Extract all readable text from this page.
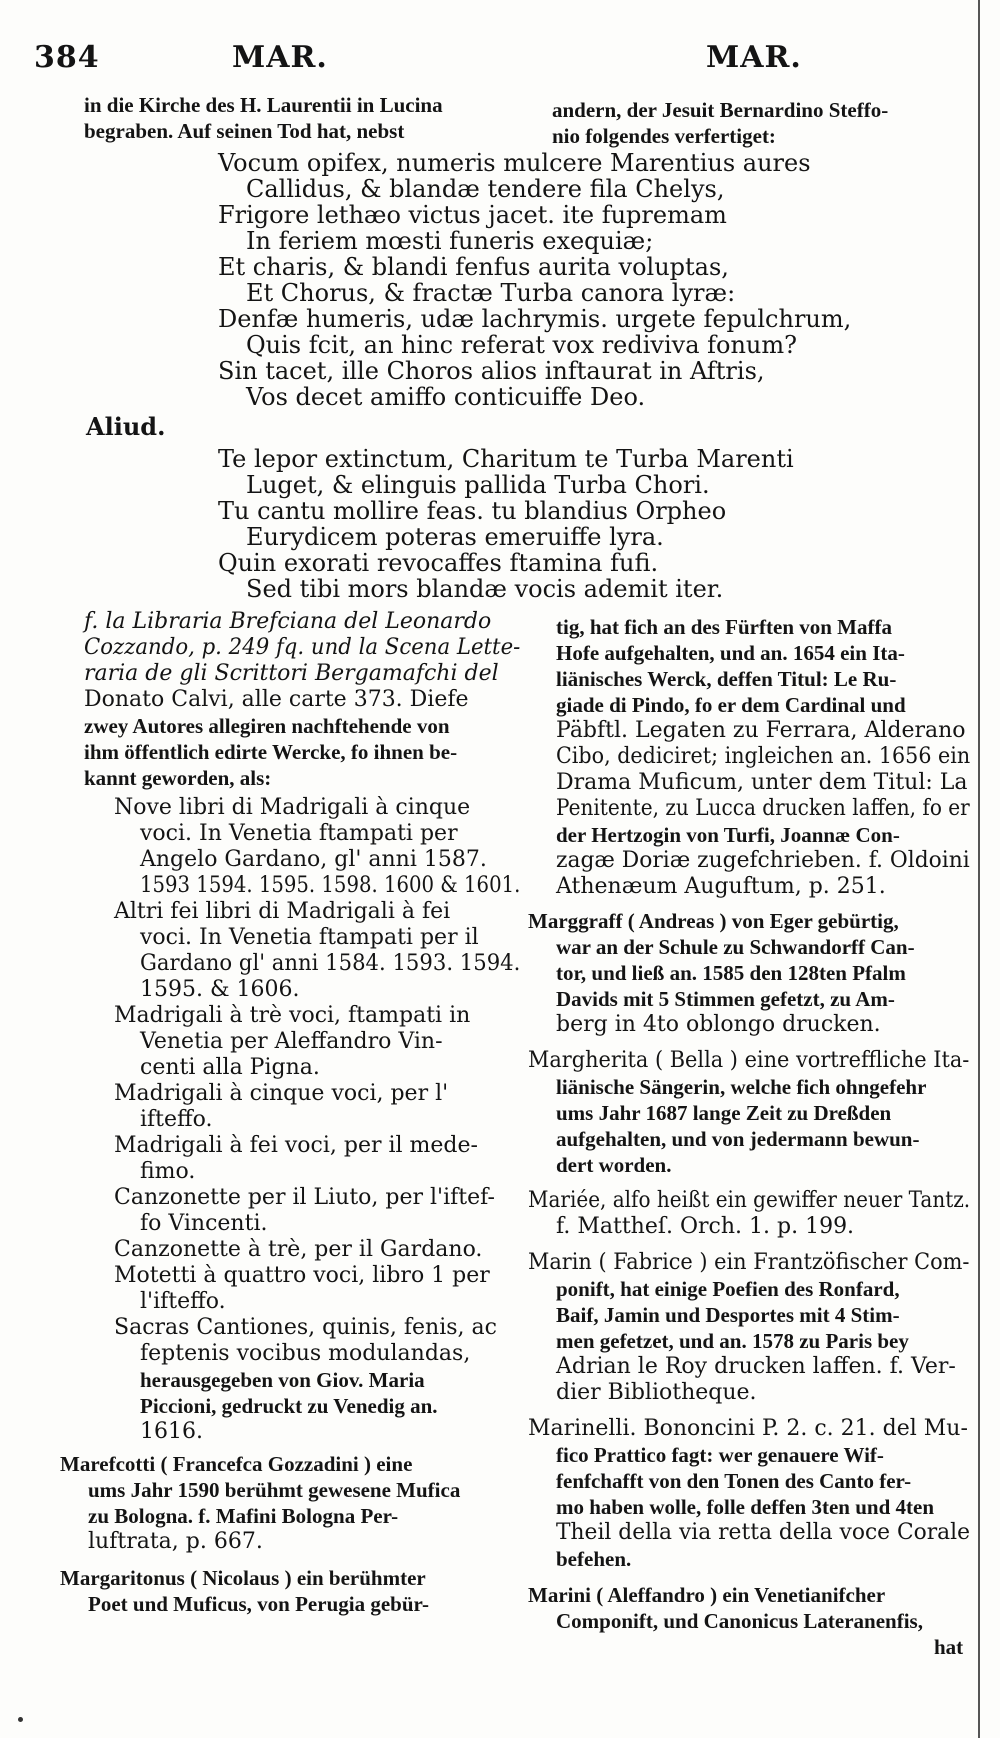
384	MAR.	MAR.
in die Kirche des H. Laurentii in Lucina
begraben. Auf seinen Tod hat, nebst
andern, der Jesuit Bernardino Steffo-
nio folgendes verfertiget:
Vocum opifex, numeris mulcere Marentius aures
Callidus, & blandæ tendere fila Chelys,
Frigore lethæo victus jacet. ite fupremam
In feriem mœsti funeris exequiæ;
Et charis, & blandi fenfus aurita voluptas,
Et Chorus, & fractæ Turba canora lyræ:
Denfæ humeris, udæ lachrymis. urgete fepulchrum,
Quis fcit, an hinc referat vox rediviva fonum?
Sin tacet, ille Choros alios inftaurat in Aftris,
Vos decet amiffo conticuiffe Deo.
Aliud.
Te lepor extinctum, Charitum te Turba Marenti
Luget, & elinguis pallida Turba Chori.
Tu cantu mollire feas. tu blandius Orpheo
Eurydicem poteras emeruiffe lyra.
Quin exorati revocaffes ftamina fufi.
Sed tibi mors blandæ vocis ademit iter.
f. la Libraria Brefciana del Leonardo
Cozzando, p. 249 fq. und la Scena Lette-
raria de gli Scrittori Bergamafchi del
Donato Calvi, alle carte 373. Diefe
zwey Autores allegiren nachftehende von
ihm öffentlich edirte Wercke, fo ihnen be-
kannt geworden, als:
Nove libri di Madrigali à cinque
voci. In Venetia ftampati per
Angelo Gardano, gl' anni 1587.
1593 1594. 1595. 1598. 1600 & 1601.
Altri fei libri di Madrigali à fei
voci. In Venetia ftampati per il
Gardano gl' anni 1584. 1593. 1594.
1595. & 1606.
Madrigali à trè voci, ftampati in
Venetia per Aleffandro Vin-
centi alla Pigna.
Madrigali à cinque voci, per l'
ifteffo.
Madrigali à fei voci, per il mede-
fimo.
Canzonette per il Liuto, per l'iftef-
fo Vincenti.
Canzonette à trè, per il Gardano.
Motetti à quattro voci, libro 1 per
l'ifteffo.
Sacras Cantiones, quinis, fenis, ac
feptenis vocibus modulandas,
herausgegeben von Giov. Maria
Piccioni, gedruckt zu Venedig an.
1616.
Marefcotti ( Francefca Gozzadini ) eine
ums Jahr 1590 berühmt gewesene Mufica
zu Bologna. f. Mafini Bologna Per-
luftrata, p. 667.
Margaritonus ( Nicolaus ) ein berühmter
Poet und Muficus, von Perugia gebür-
tig, hat fich an des Fürften von Maffa
Hofe aufgehalten, und an. 1654 ein Ita-
liänisches Werck, deffen Titul: Le Ru-
giade di Pindo, fo er dem Cardinal und
Päbftl. Legaten zu Ferrara, Alderano
Cibo, dediciret; ingleichen an. 1656 ein
Drama Muficum, unter dem Titul: La
Penitente, zu Lucca drucken laffen, fo er
der Hertzogin von Turfi, Joannæ Con-
zagæ Doriæ zugefchrieben. f. Oldoini
Athenæum Auguftum, p. 251.
Marggraff ( Andreas ) von Eger gebürtig,
war an der Schule zu Schwandorff Can-
tor, und ließ an. 1585 den 128ten Pfalm
Davids mit 5 Stimmen gefetzt, zu Am-
berg in 4to oblongo drucken.
Margherita ( Bella ) eine vortreffliche Ita-
liänische Sängerin, welche fich ohngefehr
ums Jahr 1687 lange Zeit zu Dreßden
aufgehalten, und von jedermann bewun-
dert worden.
Mariée, alfo heißt ein gewiffer neuer Tantz.
f. Mattheſ. Orch. 1. p. 199.
Marin ( Fabrice ) ein Frantzöfischer Com-
ponift, hat einige Poefien des Ronfard,
Baif, Jamin und Desportes mit 4 Stim-
men gefetzet, und an. 1578 zu Paris bey
Adrian le Roy drucken laffen. f. Ver-
dier Bibliotheque.
Marinelli. Bononcini P. 2. c. 21. del Mu-
fico Prattico fagt: wer genauere Wif-
fenfchafft von den Tonen des Canto fer-
mo haben wolle, folle deffen 3ten und 4ten
Theil della via retta della voce Corale
befehen.
Marini ( Aleffandro ) ein Venetianifcher
Componift, und Canonicus Lateranenfis,
hat
